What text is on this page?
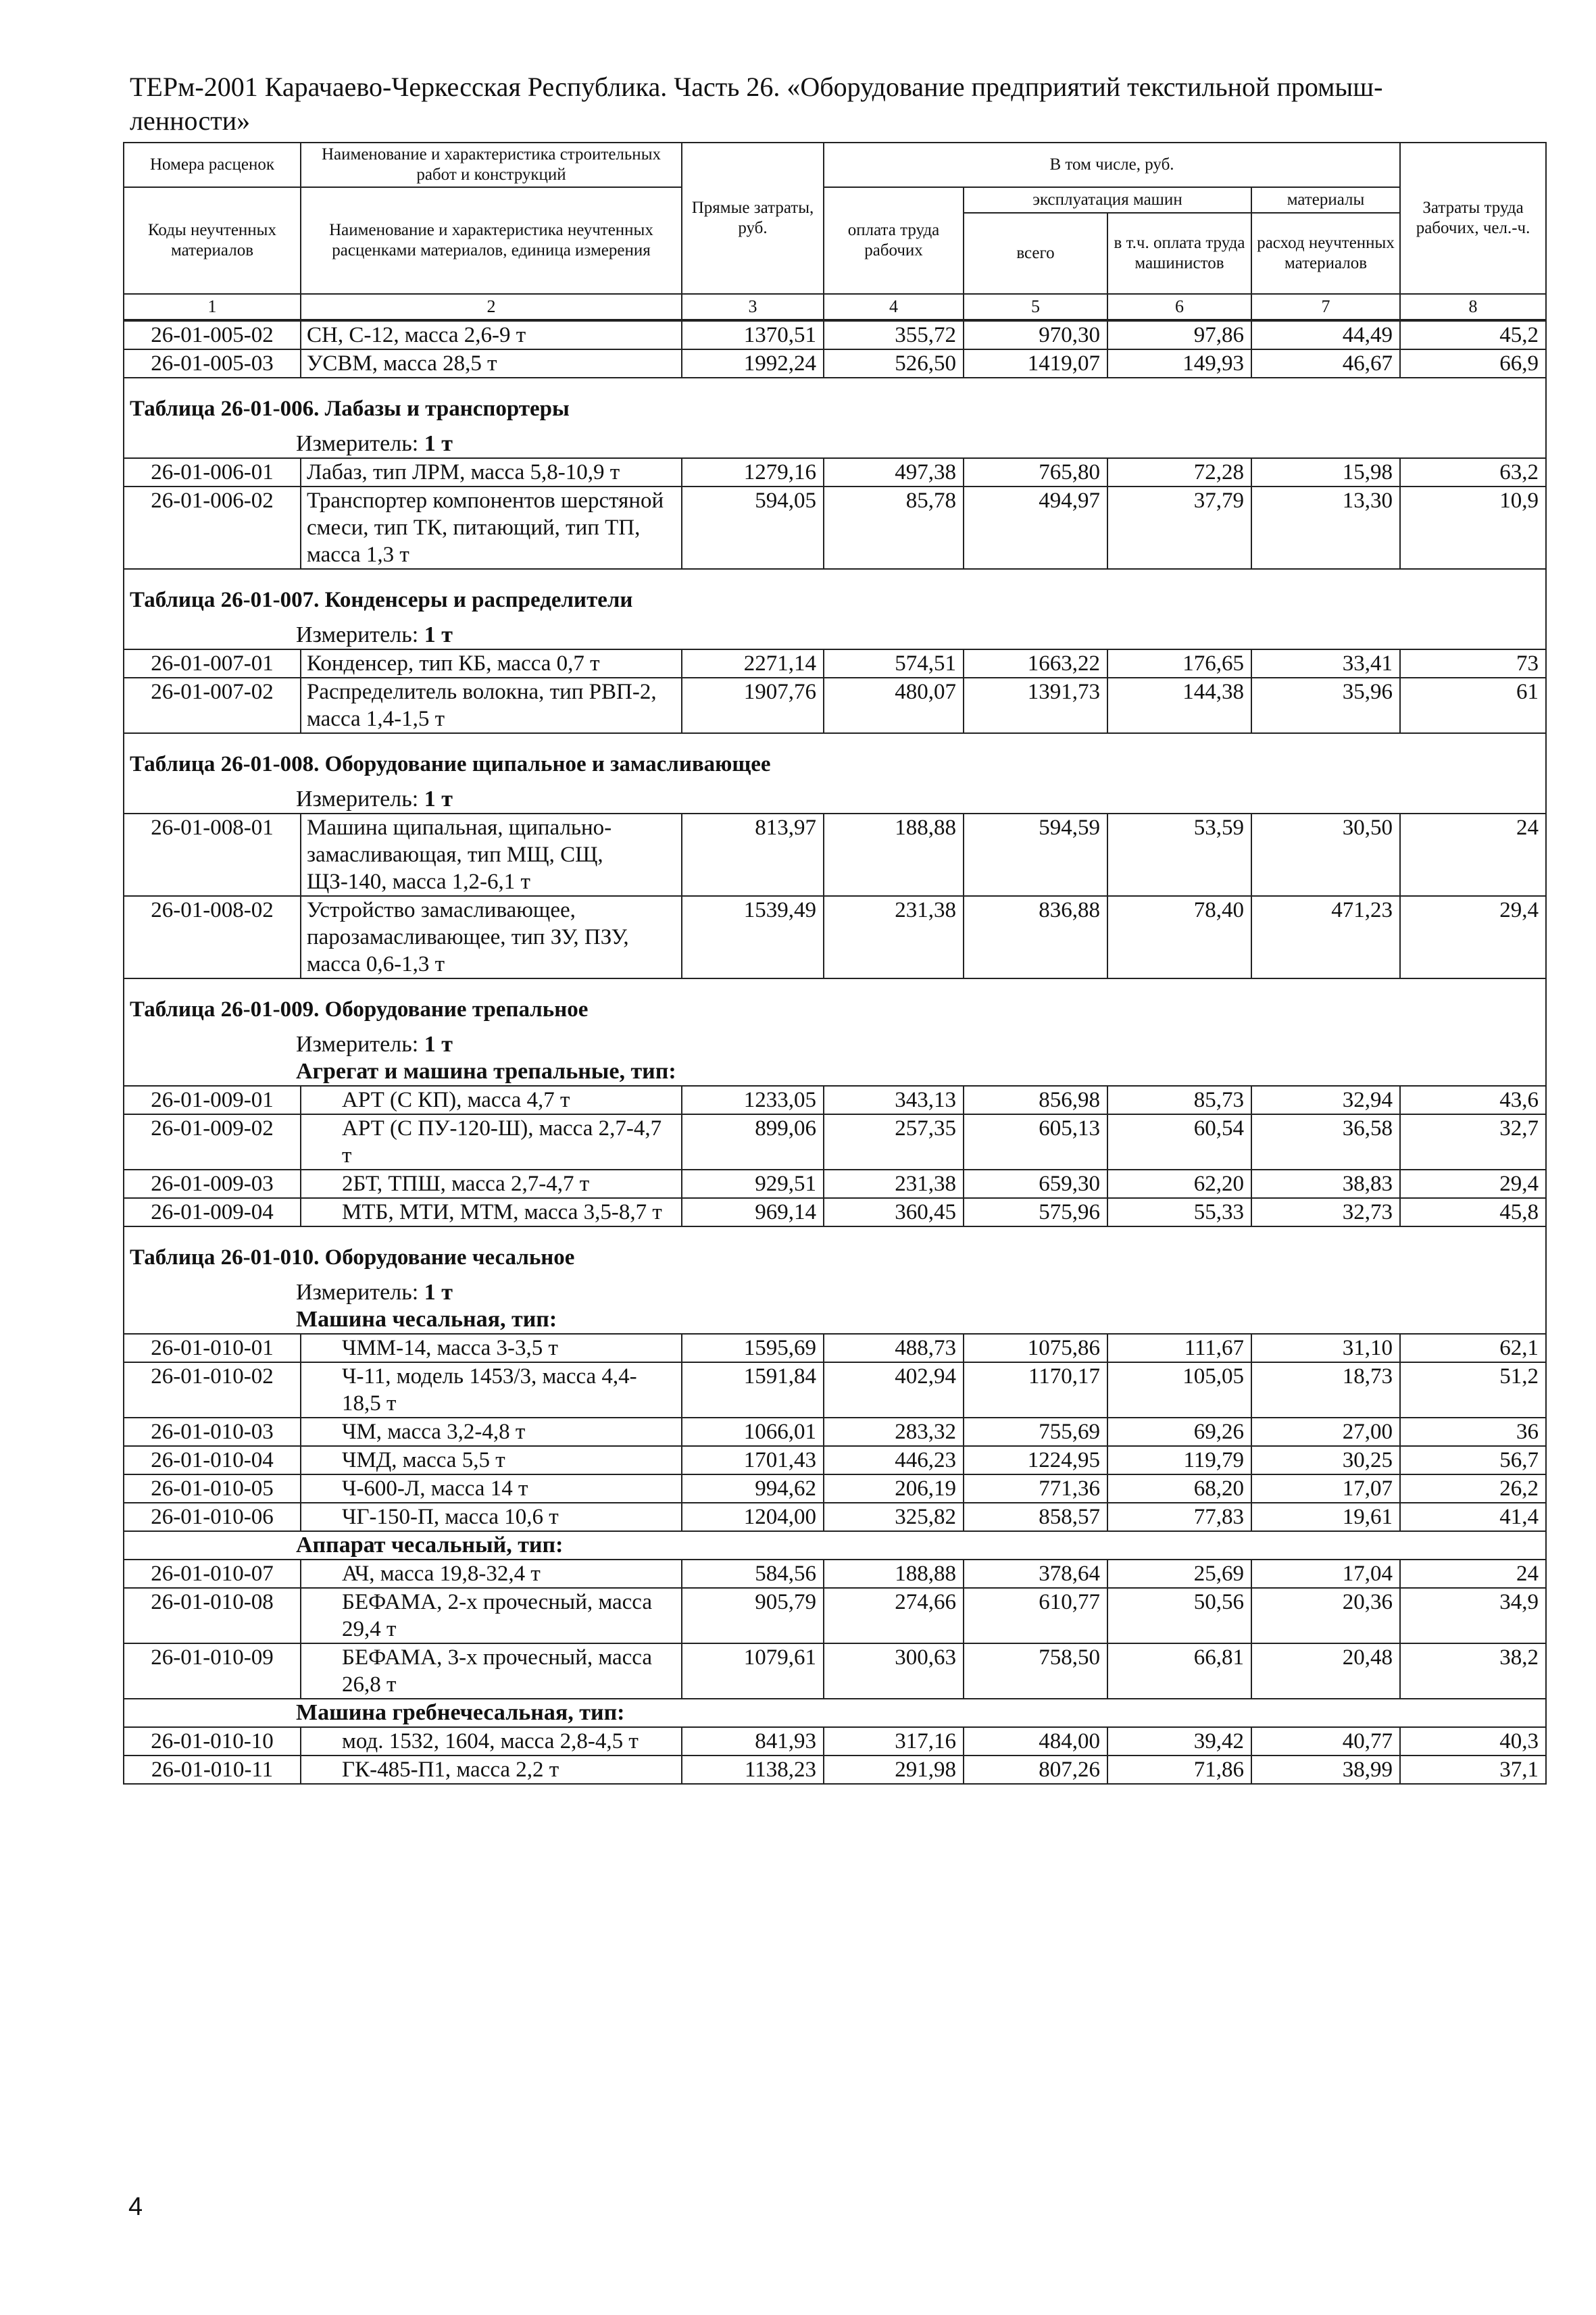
ТЕРм-2001 Карачаево-Черкесская Республика. Часть 26. «Оборудование предприятий текстильной промыш-
ленности»
Номера расценок	Наименование и характеристика строительных работ и конструкций	Прямые затраты, руб.	В том числе, руб.				Затраты труда рабочих, чел.-ч.
Коды неучтенных материалов	Наименование и характеристика неучтенных расценками материалов, единица измерения		оплата труда рабочих	эксплуатация машин		материалы	
				всего	в т.ч. оплата труда машинистов	расход неучтенных материалов	

1	2	3	4	5	6	7	8
26-01-005-02	СН, С-12, масса 2,6-9 т	1370,51	355,72	970,30	97,86	44,49	45,2
26-01-005-03	УСВМ, масса 28,5 т	1992,24	526,50	1419,07	149,93	46,67	66,9

Таблица 26-01-006. Лабазы и транспортеры							

Измеритель: 1 т							
26-01-006-01	Лабаз, тип ЛРМ, масса 5,8-10,9 т	1279,16	497,38	765,80	72,28	15,98	63,2
26-01-006-02	Транспортер компонентов шерстяной смеси, тип ТК, питающий, тип ТП, масса 1,3 т	594,05	85,78	494,97	37,79	13,30	10,9

Таблица 26-01-007. Конденсеры и распределители							

Измеритель: 1 т							
26-01-007-01	Конденсер, тип КБ, масса 0,7 т	2271,14	574,51	1663,22	176,65	33,41	73
26-01-007-02	Распределитель волокна, тип РВП-2, масса 1,4-1,5 т	1907,76	480,07	1391,73	144,38	35,96	61

Таблица 26-01-008. Оборудование щипальное и замасливающее							

Измеритель: 1 т							
26-01-008-01	Машина щипальная, щипально-замасливающая, тип МЩ, СЩ, ЩЗ-140, масса 1,2-6,1 т	813,97	188,88	594,59	53,59	30,50	24
26-01-008-02	Устройство замасливающее, парозамасливающее, тип ЗУ, ПЗУ, масса 0,6-1,3 т	1539,49	231,38	836,88	78,40	471,23	29,4

Таблица 26-01-009. Оборудование трепальное							

Измеритель: 1 т							
Агрегат и машина трепальные, тип:							
26-01-009-01	АРТ (С КП), масса 4,7 т	1233,05	343,13	856,98	85,73	32,94	43,6
26-01-009-02	АРТ (С ПУ-120-Ш), масса 2,7-4,7 т	899,06	257,35	605,13	60,54	36,58	32,7
26-01-009-03	2БТ, ТПШ, масса 2,7-4,7 т	929,51	231,38	659,30	62,20	38,83	29,4
26-01-009-04	МТБ, МТИ, МТМ, масса 3,5-8,7 т	969,14	360,45	575,96	55,33	32,73	45,8

Таблица 26-01-010. Оборудование чесальное							

Измеритель: 1 т							
Машина чесальная, тип:							
26-01-010-01	ЧММ-14, масса 3-3,5 т	1595,69	488,73	1075,86	111,67	31,10	62,1
26-01-010-02	Ч-11, модель 1453/3, масса 4,4-18,5 т	1591,84	402,94	1170,17	105,05	18,73	51,2
26-01-010-03	ЧМ, масса 3,2-4,8 т	1066,01	283,32	755,69	69,26	27,00	36
26-01-010-04	ЧМД, масса 5,5 т	1701,43	446,23	1224,95	119,79	30,25	56,7
26-01-010-05	Ч-600-Л, масса 14 т	994,62	206,19	771,36	68,20	17,07	26,2
26-01-010-06	ЧГ-150-П, масса 10,6 т	1204,00	325,82	858,57	77,83	19,61	41,4
Аппарат чесальный, тип:							
26-01-010-07	АЧ, масса 19,8-32,4 т	584,56	188,88	378,64	25,69	17,04	24
26-01-010-08	БЕФАМА, 2-х прочесный, масса 29,4 т	905,79	274,66	610,77	50,56	20,36	34,9
26-01-010-09	БЕФАМА, 3-х прочесный, масса 26,8 т	1079,61	300,63	758,50	66,81	20,48	38,2
Машина гребнечесальная, тип:							
26-01-010-10	мод. 1532, 1604, масса 2,8-4,5 т	841,93	317,16	484,00	39,42	40,77	40,3
26-01-010-11	ГК-485-П1, масса 2,2 т	1138,23	291,98	807,26	71,86	38,99	37,1
4
